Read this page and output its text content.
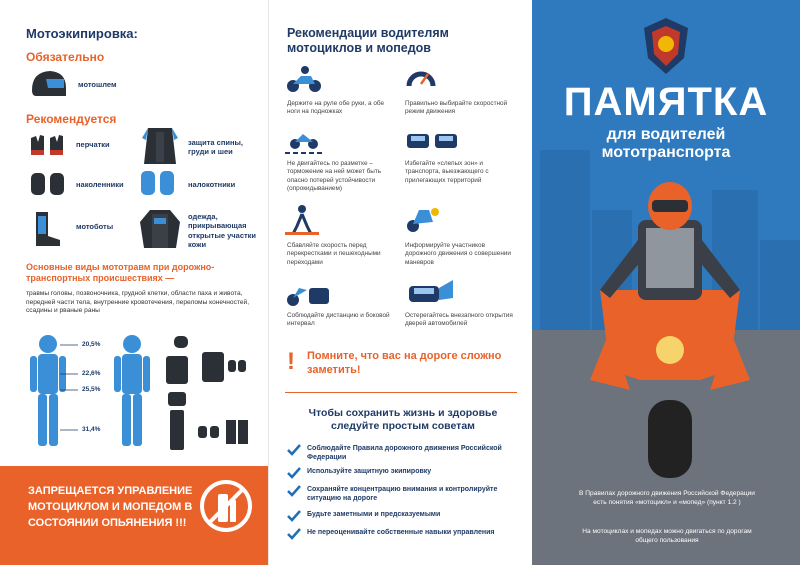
Мотоэкипировка:
Обязательно
мотошлем
Рекомендуется
перчатки	защита спины, груди и шеи
наколенники	налокотники
мотоботы
одежда, прикрывающая открытые участки кожи
Основные виды мототравм при дорожно-транспортных происшествиях —
травмы головы, позвоночника, грудной клетки, области паха и живота, передней части тела, внутренние кровотечения, переломы конечностей, ссадины и рваные раны
20,5%
22,6%
25,5%
31,4%
ЗАПРЕЩАЕТСЯ УПРАВЛЕНИЕ МОТОЦИКЛОМ И МОПЕДОМ В СОСТОЯНИИ ОПЬЯНЕНИЯ !!!
Рекомендации водителям мотоциклов и мопедов
Держите на руле обе руки, а обе ноги на подножках
Правильно выбирайте скоростной режим движения
Не двигайтесь по разметке – торможение на ней может быть опасно потерей устойчивости (опрокидыванием)
Избегайте «слепых зон» и транспорта, выезжающего с прилегающих территорий
Сбавляйте скорость перед перекрестками и пешеходными переходами
Информируйте участников дорожного движения о совершении маневров
Соблюдайте дистанцию и боковой интервал
Остерегайтесь внезапного открытия дверей автомобилей
! Помните, что вас на дороге сложно заметить!
Чтобы сохранить жизнь и здоровье следуйте простым советам
Соблюдайте Правила дорожного движения Российской Федерации
Используйте защитную экипировку
Сохраняйте концентрацию внимания и контролируйте ситуацию на дороге
Будьте заметными и предсказуемыми
Не переоценивайте собственные навыки управления
ПАМЯТКА
для водителей
мототранспорта
В Правилах дорожного движения Российской Федерации есть понятия «мотоцикл» и «мопед» (пункт 1.2 )
На мотоциклах и мопедах можно двигаться по дорогам общего пользования
